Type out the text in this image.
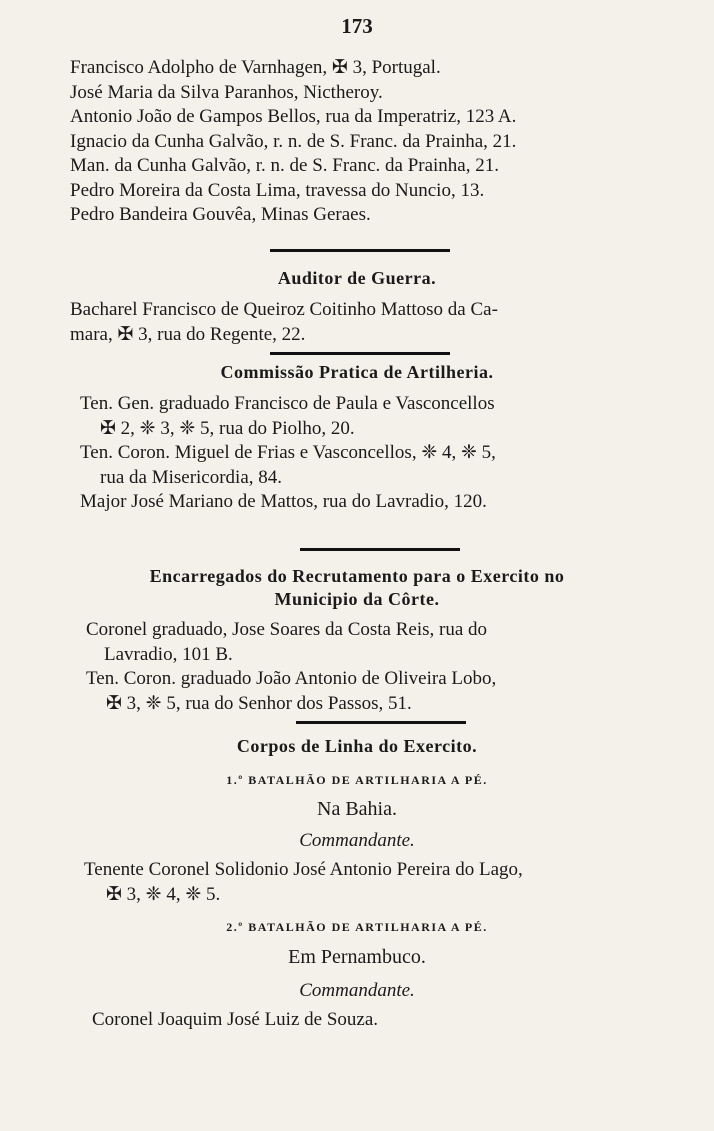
173
Francisco Adolpho de Varnhagen, ✠ 3, Portugal.
José Maria da Silva Paranhos, Nictheroy.
Antonio João de Gampos Bellos, rua da Imperatriz, 123 A.
Ignacio da Cunha Galvão, r. n. de S. Franc. da Prainha, 21.
Man. da Cunha Galvão, r. n. de S. Franc. da Prainha, 21.
Pedro Moreira da Costa Lima, travessa do Nuncio, 13.
Pedro Bandeira Gouvêa, Minas Geraes.
Auditor de Guerra.
Bacharel Francisco de Queiroz Coitinho Mattoso da Ca-
mara, ✠ 3, rua do Regente, 22.
Commissão Pratica de Artilheria.
Ten. Gen. graduado Francisco de Paula e Vasconcellos
✠ 2, ❈ 3, ❈ 5, rua do Piolho, 20.
Ten. Coron. Miguel de Frias e Vasconcellos, ❈ 4, ❈ 5,
rua da Misericordia, 84.
Major José Mariano de Mattos, rua do Lavradio, 120.
Encarregados do Recrutamento para o Exercito no
Municipio da Côrte.
Coronel graduado, Jose Soares da Costa Reis, rua do
Lavradio, 101 B.
Ten. Coron. graduado João Antonio de Oliveira Lobo,
✠ 3, ❈ 5, rua do Senhor dos Passos, 51.
Corpos de Linha do Exercito.
1.º BATALHÃO DE ARTILHARIA A PÉ.
Na Bahia.
Commandante.
Tenente Coronel Solidonio José Antonio Pereira do Lago,
✠ 3, ❈ 4, ❈ 5.
2.º BATALHÃO DE ARTILHARIA A PÉ.
Em Pernambuco.
Commandante.
Coronel Joaquim José Luiz de Souza.
